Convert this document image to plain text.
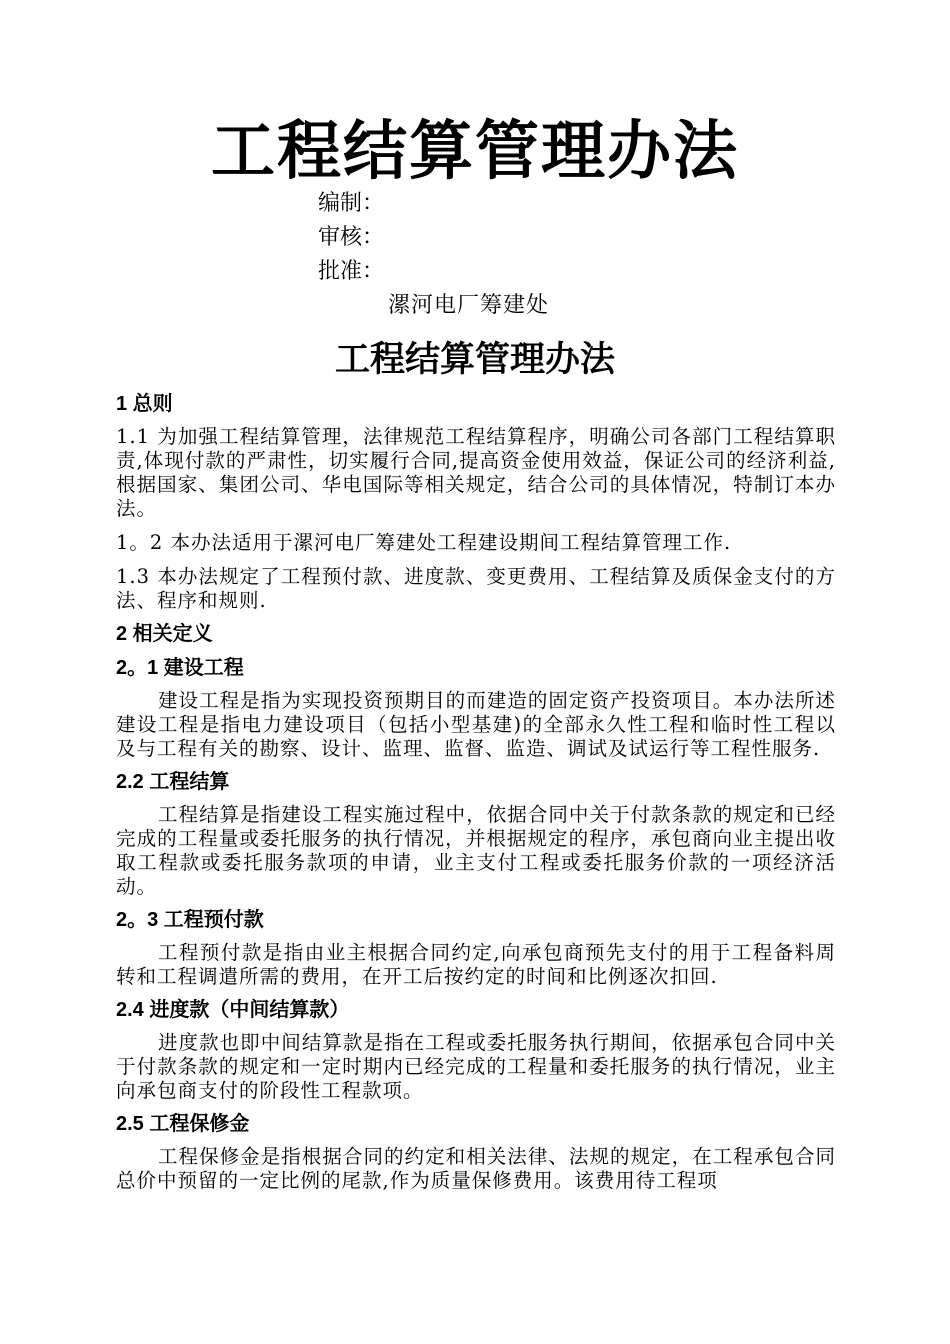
工程结算管理办法
编制：
审核：
批准：
漯河电厂筹建处
工程结算管理办法

1 总则

1.1 为加强工程结算管理，法律规范工程结算程序，明确公司各部门工程结算职责,体现付款的严肃性，切实履行合同,提高资金使用效益，保证公司的经济利益,根据国家、集团公司、华电国际等相关规定，结合公司的具体情况，特制订本办法。

1。2 本办法适用于漯河电厂筹建处工程建设期间工程结算管理工作.

1.3 本办法规定了工程预付款、进度款、变更费用、工程结算及质保金支付的方法、程序和规则.

2 相关定义

2。1 建设工程

建设工程是指为实现投资预期目的而建造的固定资产投资项目。本办法所述建设工程是指电力建设项目（包括小型基建)的全部永久性工程和临时性工程以及与工程有关的勘察、设计、监理、监督、监造、调试及试运行等工程性服务.

2.2 工程结算

工程结算是指建设工程实施过程中，依据合同中关于付款条款的规定和已经完成的工程量或委托服务的执行情况，并根据规定的程序，承包商向业主提出收取工程款或委托服务款项的申请，业主支付工程或委托服务价款的一项经济活动。

2。3 工程预付款

工程预付款是指由业主根据合同约定,向承包商预先支付的用于工程备料周转和工程调遣所需的费用，在开工后按约定的时间和比例逐次扣回.

2.4 进度款（中间结算款）

进度款也即中间结算款是指在工程或委托服务执行期间，依据承包合同中关于付款条款的规定和一定时期内已经完成的工程量和委托服务的执行情况，业主向承包商支付的阶段性工程款项。

2.5 工程保修金

工程保修金是指根据合同的约定和相关法律、法规的规定，在工程承包合同总价中预留的一定比例的尾款,作为质量保修费用。该费用待工程项
